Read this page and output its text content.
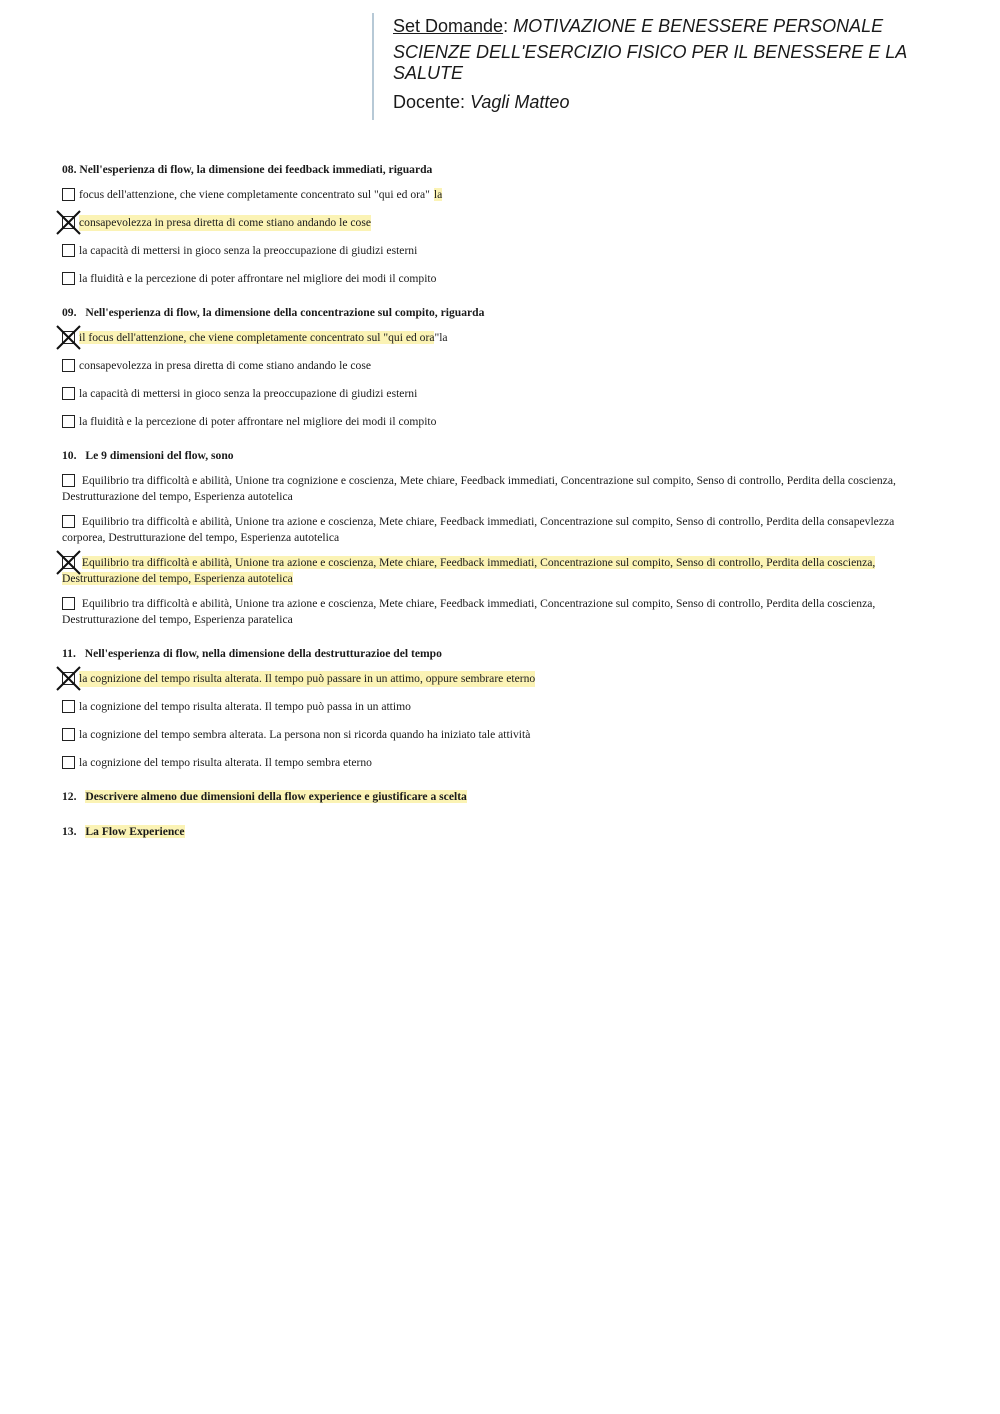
Set Domande: MOTIVAZIONE E BENESSERE PERSONALE
SCIENZE DELL'ESERCIZIO FISICO PER IL BENESSERE E LA SALUTE
Docente: Vagli Matteo
08. Nell'esperienza di flow, la dimensione dei feedback immediati, riguarda
focus dell'attenzione, che viene completamente concentrato sul "qui ed ora" la
consapevolezza in presa diretta di come stiano andando le cose
la capacità di mettersi in gioco senza la preoccupazione di giudizi esterni
la fluidità e la percezione di poter affrontare nel migliore dei modi il compito
09. Nell'esperienza di flow, la dimensione della concentrazione sul compito, riguarda
il focus dell'attenzione, che viene completamente concentrato sul "qui ed ora"la
consapevolezza in presa diretta di come stiano andando le cose
la capacità di mettersi in gioco senza la preoccupazione di giudizi esterni
la fluidità e la percezione di poter affrontare nel migliore dei modi il compito
10. Le 9 dimensioni del flow, sono
Equilibrio tra difficoltà e abilità, Unione tra cognizione e coscienza, Mete chiare, Feedback immediati, Concentrazione sul compito, Senso di controllo, Perdita della coscienza, Destrutturazione del tempo, Esperienza autotelica
Equilibrio tra difficoltà e abilità, Unione tra azione e coscienza, Mete chiare, Feedback immediati, Concentrazione sul compito, Senso di controllo, Perdita della consapevlezza corporea, Destrutturazione del tempo, Esperienza autotelica
Equilibrio tra difficoltà e abilità, Unione tra azione e coscienza, Mete chiare, Feedback immediati, Concentrazione sul compito, Senso di controllo, Perdita della coscienza, Destrutturazione del tempo, Esperienza autotelica
Equilibrio tra difficoltà e abilità, Unione tra azione e coscienza, Mete chiare, Feedback immediati, Concentrazione sul compito, Senso di controllo, Perdita della coscienza, Destrutturazione del tempo, Esperienza paratelica
11. Nell'esperienza di flow, nella dimensione della destrutturazioe del tempo
la cognizione del tempo risulta alterata. Il tempo può passare in un attimo, oppure sembrare eterno
la cognizione del tempo risulta alterata. Il tempo può passa in un attimo
la cognizione del tempo sembra alterata. La persona non si ricorda quando ha iniziato tale attività
la cognizione del tempo risulta alterata. Il tempo sembra eterno
12. Descrivere almeno due dimensioni della flow experience e giustificare a scelta
13. La Flow Experience
